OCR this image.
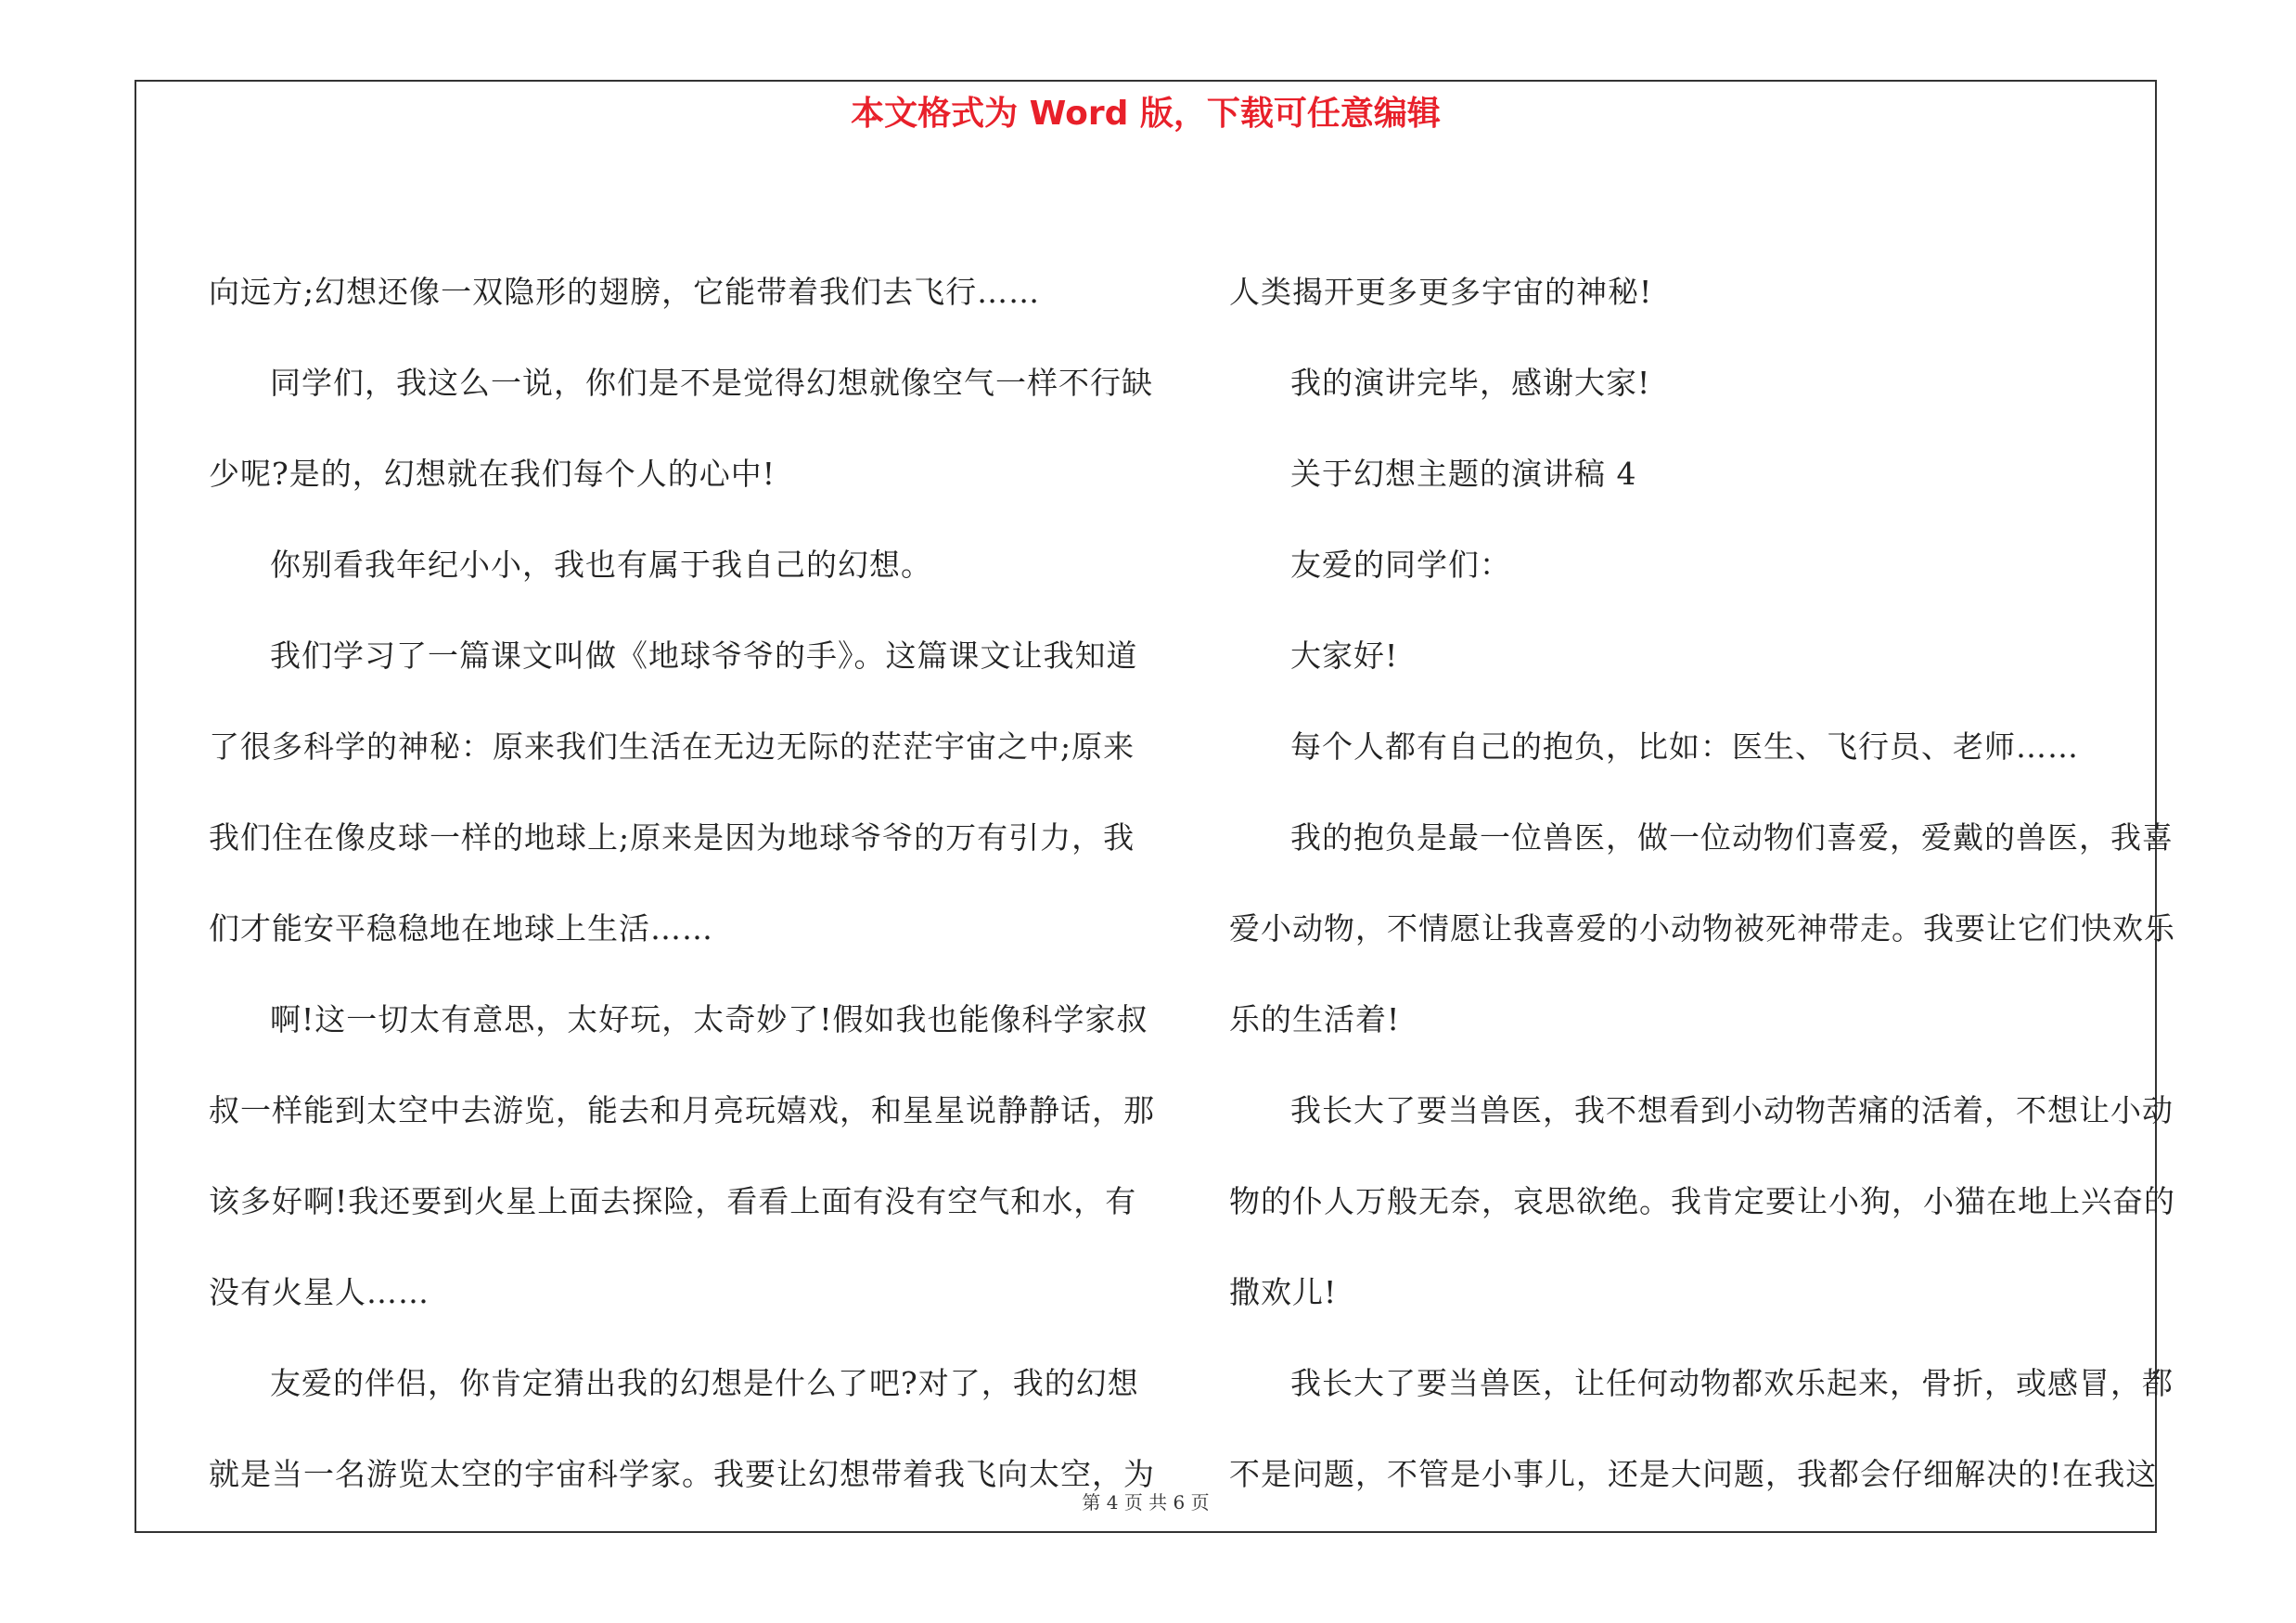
本文格式为 Word 版，下载可任意编辑
向远方;幻想还像一双隐形的翅膀，它能带着我们去飞行……
同学们，我这么一说，你们是不是觉得幻想就像空气一样不行缺
少呢?是的，幻想就在我们每个人的心中!
你别看我年纪小小，我也有属于我自己的幻想。
我们学习了一篇课文叫做《地球爷爷的手》。这篇课文让我知道
了很多科学的神秘：原来我们生活在无边无际的茫茫宇宙之中;原来
我们住在像皮球一样的地球上;原来是因为地球爷爷的万有引力，我
们才能安平稳稳地在地球上生活……
啊!这一切太有意思，太好玩，太奇妙了!假如我也能像科学家叔
叔一样能到太空中去游览，能去和月亮玩嬉戏，和星星说静静话，那
该多好啊!我还要到火星上面去探险，看看上面有没有空气和水，有
没有火星人……
友爱的伴侣，你肯定猜出我的幻想是什么了吧?对了，我的幻想
就是当一名游览太空的宇宙科学家。我要让幻想带着我飞向太空，为
人类揭开更多更多宇宙的神秘!
我的演讲完毕，感谢大家!
关于幻想主题的演讲稿 4
友爱的同学们：
大家好!
每个人都有自己的抱负，比如：医生、飞行员、老师……
我的抱负是最一位兽医，做一位动物们喜爱，爱戴的兽医，我喜
爱小动物，不情愿让我喜爱的小动物被死神带走。我要让它们快欢乐
乐的生活着!
我长大了要当兽医，我不想看到小动物苦痛的活着，不想让小动
物的仆人万般无奈，哀思欲绝。我肯定要让小狗，小猫在地上兴奋的
撒欢儿!
我长大了要当兽医，让任何动物都欢乐起来，骨折，或感冒，都
不是问题，不管是小事儿，还是大问题，我都会仔细解决的!在我这
第 4 页 共 6 页
